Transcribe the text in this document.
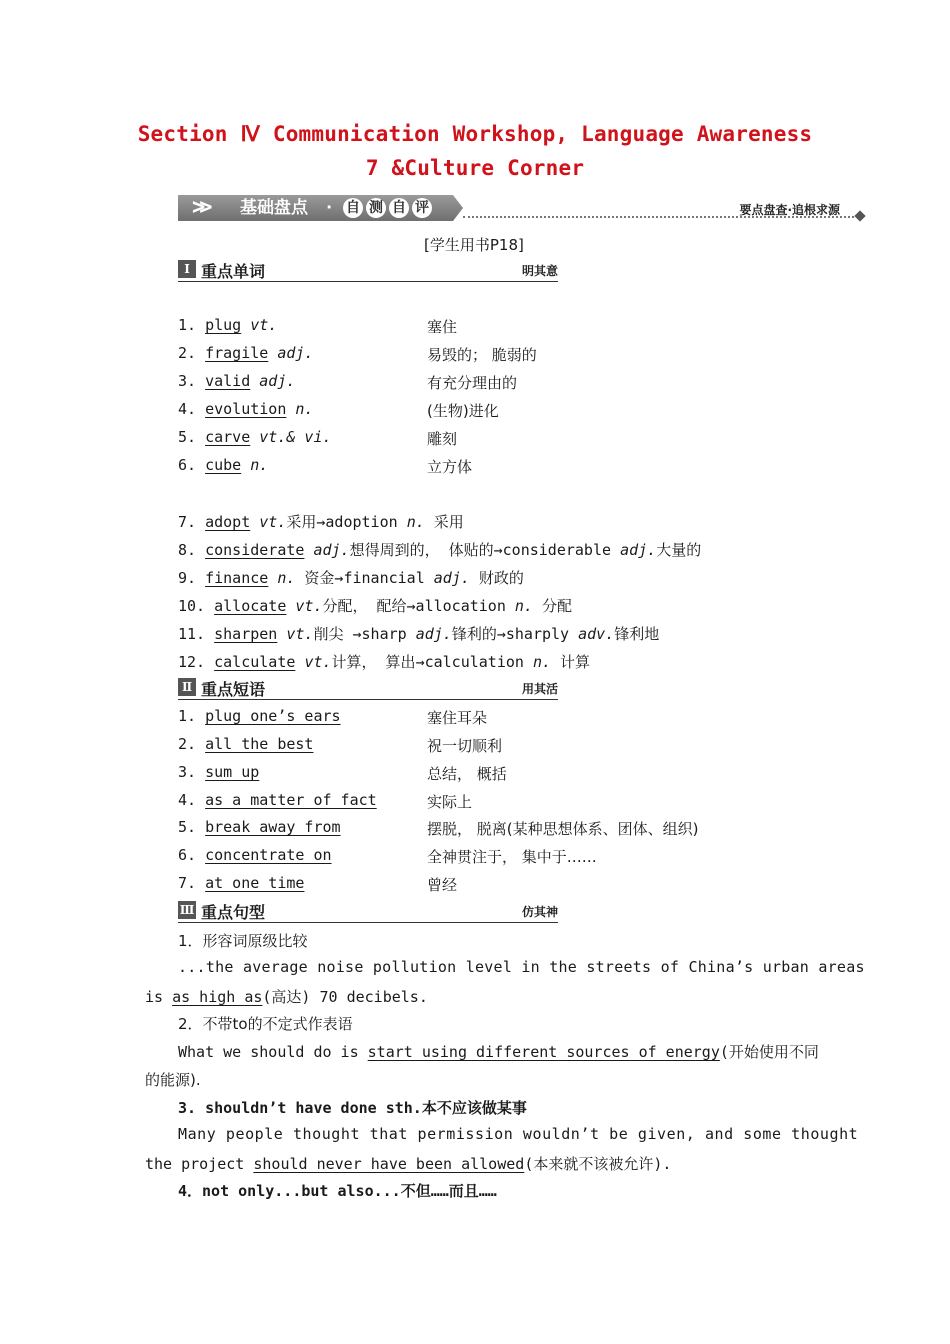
Section Ⅳ Communication Workshop, Language Awareness
7 &Culture Corner
>> 基础盘点 · 自 测 自 评	要点盘查·追根求源
[学生用书P18]
Ⅰ 重点单词	明其意
1. plug vt.	塞住
2. fragile adj.	易毁的； 脆弱的
3. valid adj.	有充分理由的
4. evolution n.	(生物)进化
5. carve vt.& vi.	雕刻
6. cube n.	立方体
7. adopt vt.采用→adoption n. 采用
8. considerate adj.想得周到的， 体贴的→considerable adj.大量的
9. finance n. 资金→financial adj. 财政的
10. allocate vt.分配， 配给→allocation n. 分配
11. sharpen vt.削尖 →sharp adj.锋利的→sharply adv.锋利地
12. calculate vt.计算， 算出→calculation n. 计算
Ⅱ 重点短语	用其活
1. plug one’s ears	塞住耳朵
2. all the best	祝一切顺利
3. sum up	总结， 概括
4. as a matter of fact	实际上
5. break away from	摆脱， 脱离(某种思想体系、团体、组织)
6. concentrate on	全神贯注于， 集中于……
7. at one time	曾经
Ⅲ 重点句型	仿其神
1．形容词原级比较
...the average noise pollution level in the streets of China’s urban areas
is as high as(高达) 70 decibels.
2．不带to的不定式作表语
What we should do is start using different sources of energy(开始使用不同
的能源).
3. shouldn’t have done sth.本不应该做某事
Many people thought that permission wouldn’t be given, and some thought
the project should never have been allowed(本来就不该被允许).
4．not only...but also...不但……而且……
